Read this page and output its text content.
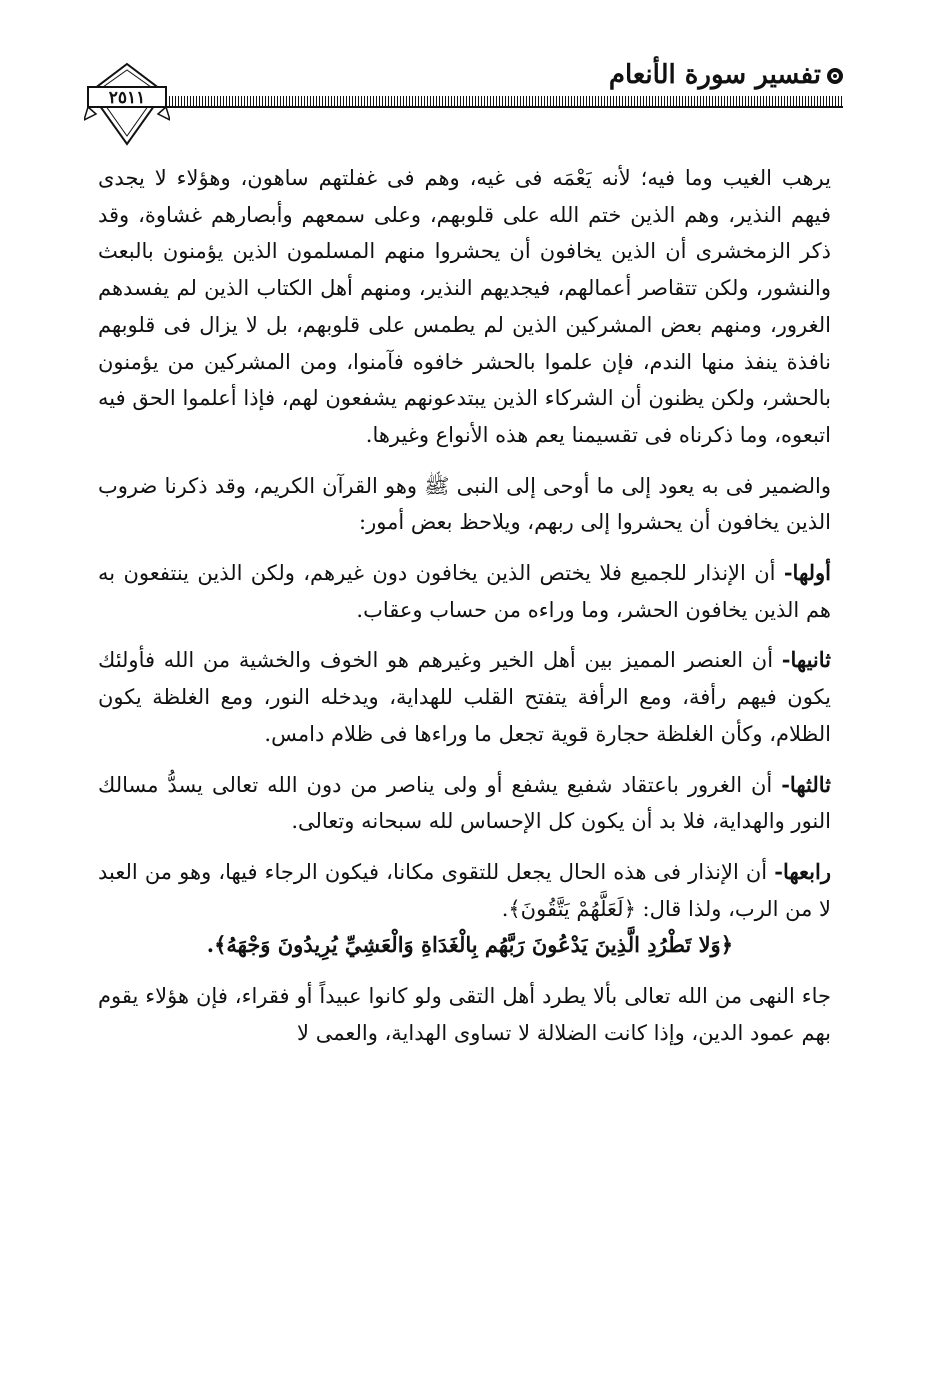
تفسير سورة الأنعام
٢٥١١

يرهب الغيب وما فيه؛ لأنه يَعْمَه فى غيه، وهم فى غفلتهم ساهون، وهؤلاء لا يجدى فيهم النذير، وهم الذين ختم الله على قلوبهم، وعلى سمعهم وأبصارهم غشاوة، وقد ذكر الزمخشرى أن الذين يخافون أن يحشروا منهم المسلمون الذين يؤمنون بالبعث والنشور، ولكن تتقاصر أعمالهم، فيجديهم النذير، ومنهم أهل الكتاب الذين لم يفسدهم الغرور، ومنهم بعض المشركين الذين لم يطمس على قلوبهم، بل لا يزال فى قلوبهم نافذة ينفذ منها الندم، فإن علموا بالحشر خافوه فآمنوا، ومن المشركين من يؤمنون بالحشر، ولكن يظنون أن الشركاء الذين يبتدعونهم يشفعون لهم، فإذا أعلموا الحق فيه اتبعوه، وما ذكرناه فى تقسيمنا يعم هذه الأنواع وغيرها.

والضمير فى به يعود إلى ما أوحى إلى النبى ﷺ وهو القرآن الكريم، وقد ذكرنا ضروب الذين يخافون أن يحشروا إلى ربهم، ويلاحظ بعض أمور:

أولها- أن الإنذار للجميع فلا يختص الذين يخافون دون غيرهم، ولكن الذين ينتفعون به هم الذين يخافون الحشر، وما وراءه من حساب وعقاب.

ثانيها- أن العنصر المميز بين أهل الخير وغيرهم هو الخوف والخشية من الله فأولئك يكون فيهم رأفة، ومع الرأفة يتفتح القلب للهداية، ويدخله النور، ومع الغلظة يكون الظلام، وكأن الغلظة حجارة قوية تجعل ما وراءها فى ظلام دامس.

ثالثها- أن الغرور باعتقاد شفيع يشفع أو ولى يناصر من دون الله تعالى يسدُّ مسالك النور والهداية، فلا بد أن يكون كل الإحساس لله سبحانه وتعالى.

رابعها- أن الإنذار فى هذه الحال يجعل للتقوى مكانا، فيكون الرجاء فيها، وهو من العبد لا من الرب، ولذا قال: ﴿لَعَلَّهُمْ يَتَّقُونَ﴾.

﴿وَلا تَطْرُدِ الَّذِينَ يَدْعُونَ رَبَّهُم بِالْغَدَاةِ وَالْعَشِيِّ يُرِيدُونَ وَجْهَهُ﴾.

جاء النهى من الله تعالى بألا يطرد أهل التقى ولو كانوا عبيداً أو فقراء، فإن هؤلاء يقوم بهم عمود الدين، وإذا كانت الضلالة لا تساوى الهداية، والعمى لا
